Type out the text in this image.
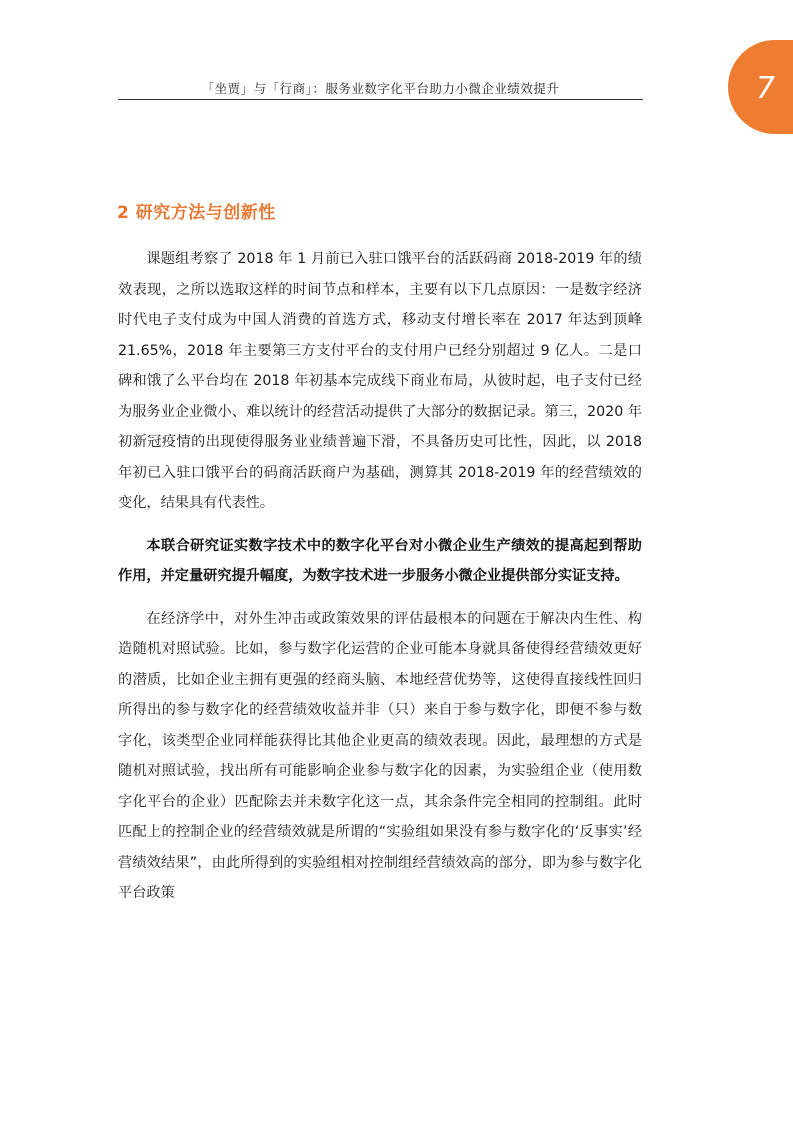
「坐贾」与「行商」：服务业数字化平台助力小微企业绩效提升	7
2 研究方法与创新性

课题组考察了 2018 年 1 月前已入驻口饿平台的活跃码商 2018-2019 年的绩效表现，之所以选取这样的时间节点和样本，主要有以下几点原因：一是数字经济时代电子支付成为中国人消费的首选方式，移动支付增长率在 2017 年达到顶峰 21.65%，2018 年主要第三方支付平台的支付用户已经分别超过 9 亿人。二是口碑和饿了么平台均在 2018 年初基本完成线下商业布局，从彼时起，电子支付已经为服务业企业微小、难以统计的经营活动提供了大部分的数据记录。第三，2020 年初新冠疫情的出现使得服务业业绩普遍下滑，不具备历史可比性，因此，以 2018 年初已入驻口饿平台的码商活跃商户为基础，测算其 2018-2019 年的经营绩效的变化，结果具有代表性。

本联合研究证实数字技术中的数字化平台对小微企业生产绩效的提高起到帮助作用，并定量研究提升幅度，为数字技术进一步服务小微企业提供部分实证支持。

在经济学中，对外生冲击或政策效果的评估最根本的问题在于解决内生性、构造随机对照试验。比如，参与数字化运营的企业可能本身就具备使得经营绩效更好的潜质，比如企业主拥有更强的经商头脑、本地经营优势等，这使得直接线性回归所得出的参与数字化的经营绩效收益并非（只）来自于参与数字化，即便不参与数字化，该类型企业同样能获得比其他企业更高的绩效表现。因此，最理想的方式是随机对照试验，找出所有可能影响企业参与数字化的因素，为实验组企业（使用数字化平台的企业）匹配除去并未数字化这一点，其余条件完全相同的控制组。此时匹配上的控制企业的经营绩效就是所谓的“实验组如果没有参与数字化的‘反事实’经营绩效结果”，由此所得到的实验组相对控制组经营绩效高的部分，即为参与数字化平台政策
